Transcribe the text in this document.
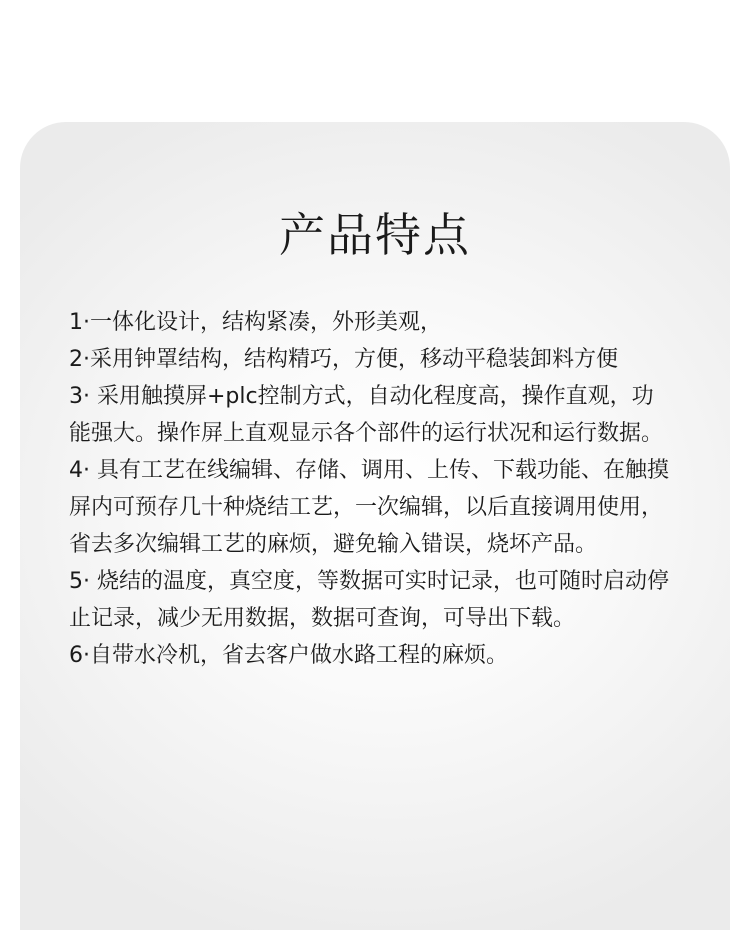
产品特点
1·一体化设计，结构紧凑，外形美观，
2·采用钟罩结构，结构精巧，方便，移动平稳装卸料方便
3· 采用触摸屏+plc控制方式，自动化程度高，操作直观，功能强大。操作屏上直观显示各个部件的运行状况和运行数据。
4· 具有工艺在线编辑、存储、调用、上传、下载功能、在触摸屏内可预存几十种烧结工艺，一次编辑，以后直接调用使用，省去多次编辑工艺的麻烦，避免输入错误，烧坏产品。
5· 烧结的温度，真空度，等数据可实时记录，也可随时启动停止记录，减少无用数据，数据可查询，可导出下载。
6·自带水冷机，省去客户做水路工程的麻烦。
